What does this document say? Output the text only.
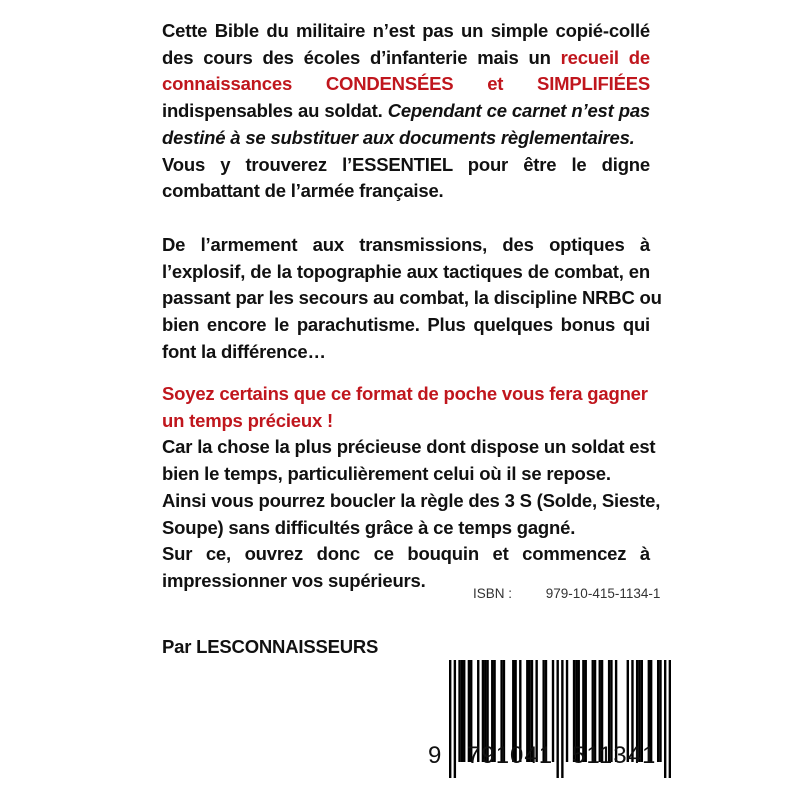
Cette Bible du militaire n’est pas un simple copié-collé
des cours des écoles d’infanterie mais un recueil de
connaissances CONDENSÉES et SIMPLIFIÉES
indispensables au soldat. Cependant ce carnet n’est pas
destiné à se substituer aux documents règlementaires.
Vous y trouverez l’ESSENTIEL pour être le digne
combattant de l’armée française.
De l’armement aux transmissions, des optiques à
l’explosif, de la topographie aux tactiques de combat, en
passant par les secours au combat, la discipline NRBC ou
bien encore le parachutisme. Plus quelques bonus qui
font la différence…
Soyez certains que ce format de poche vous fera gagner
un temps précieux !
Car la chose la plus précieuse dont dispose un soldat est
bien le temps, particulièrement celui où il se repose.
Ainsi vous pourrez boucler la règle des 3 S (Solde, Sieste,
Soupe) sans difficultés grâce à ce temps gagné.
Sur ce, ouvrez donc ce bouquin et commencez à
impressionner vos supérieurs.
ISBN :	979-10-415-1134-1
Par LESCONNAISSEURS
9 791041 511341
